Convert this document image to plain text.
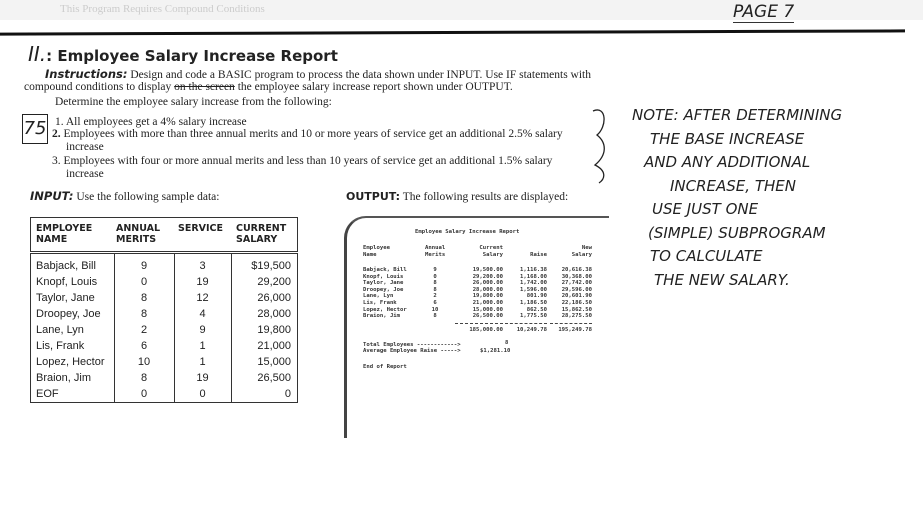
This Program Requires Compound Conditions	PAGE 7
II.: Employee Salary Increase Report
Instructions: Design and code a BASIC program to process the data shown under INPUT. Use IF statements with
compound conditions to display on the screen the employee salary increase report shown under OUTPUT.
Determine the employee salary increase from the following:
75 1. All employees get a 4% salary increase
2. Employees with more than three annual merits and 10 or more years of service get an additional 2.5% salary
increase
3. Employees with four or more annual merits and less than 10 years of service get an additional 1.5% salary
increase
INPUT: Use the following sample data:	OUTPUT: The following results are displayed:
EMPLOYEE NAME
ANNUAL MERITS
SERVICE CURRENT SALARY
Babjack, Bill	9	3	$19,500
Knopf, Louis	0	19	29,200
Taylor, Jane	8	12	26,000
Droopey, Joe	8	4	28,000
Lane, Lyn	2	9	19,800
Lis, Frank	6	1	21,000
Lopez, Hector	10	1	15,000
Braion, Jim	8	19	26,500
EOF	0	0	0
Employee Salary Increase Report
Employee
Name
Annual
Merits
Current
Salary	
Raise
New
Salary
Babjack, Bill	9	19,500.00	1,116.38	20,616.38
Knopf, Louis	0	29,200.00	1,168.00	30,368.00
Taylor, Jane	8	26,000.00	1,742.00	27,742.00
Droopey, Joe	8	28,000.00	1,596.00	29,596.00
Lane, Lyn	2	19,800.00	801.90	20,601.90
Lis, Frank	6	21,000.00	1,186.50	22,186.50
Lopez, Hector	10	15,000.00	862.50	15,862.50
Braion, Jim	8	26,500.00	1,775.50	28,275.50
185,000.00	10,249.78	195,249.78
Total Employees ------------>	8
Average Employee Raise ----->	$1,281.10
End of Report
NOTE: AFTER DETERMINING
THE BASE INCREASE
AND ANY ADDITIONAL
INCREASE, THEN
USE JUST ONE
(SIMPLE) SUBPROGRAM
TO CALCULATE
THE NEW SALARY.
